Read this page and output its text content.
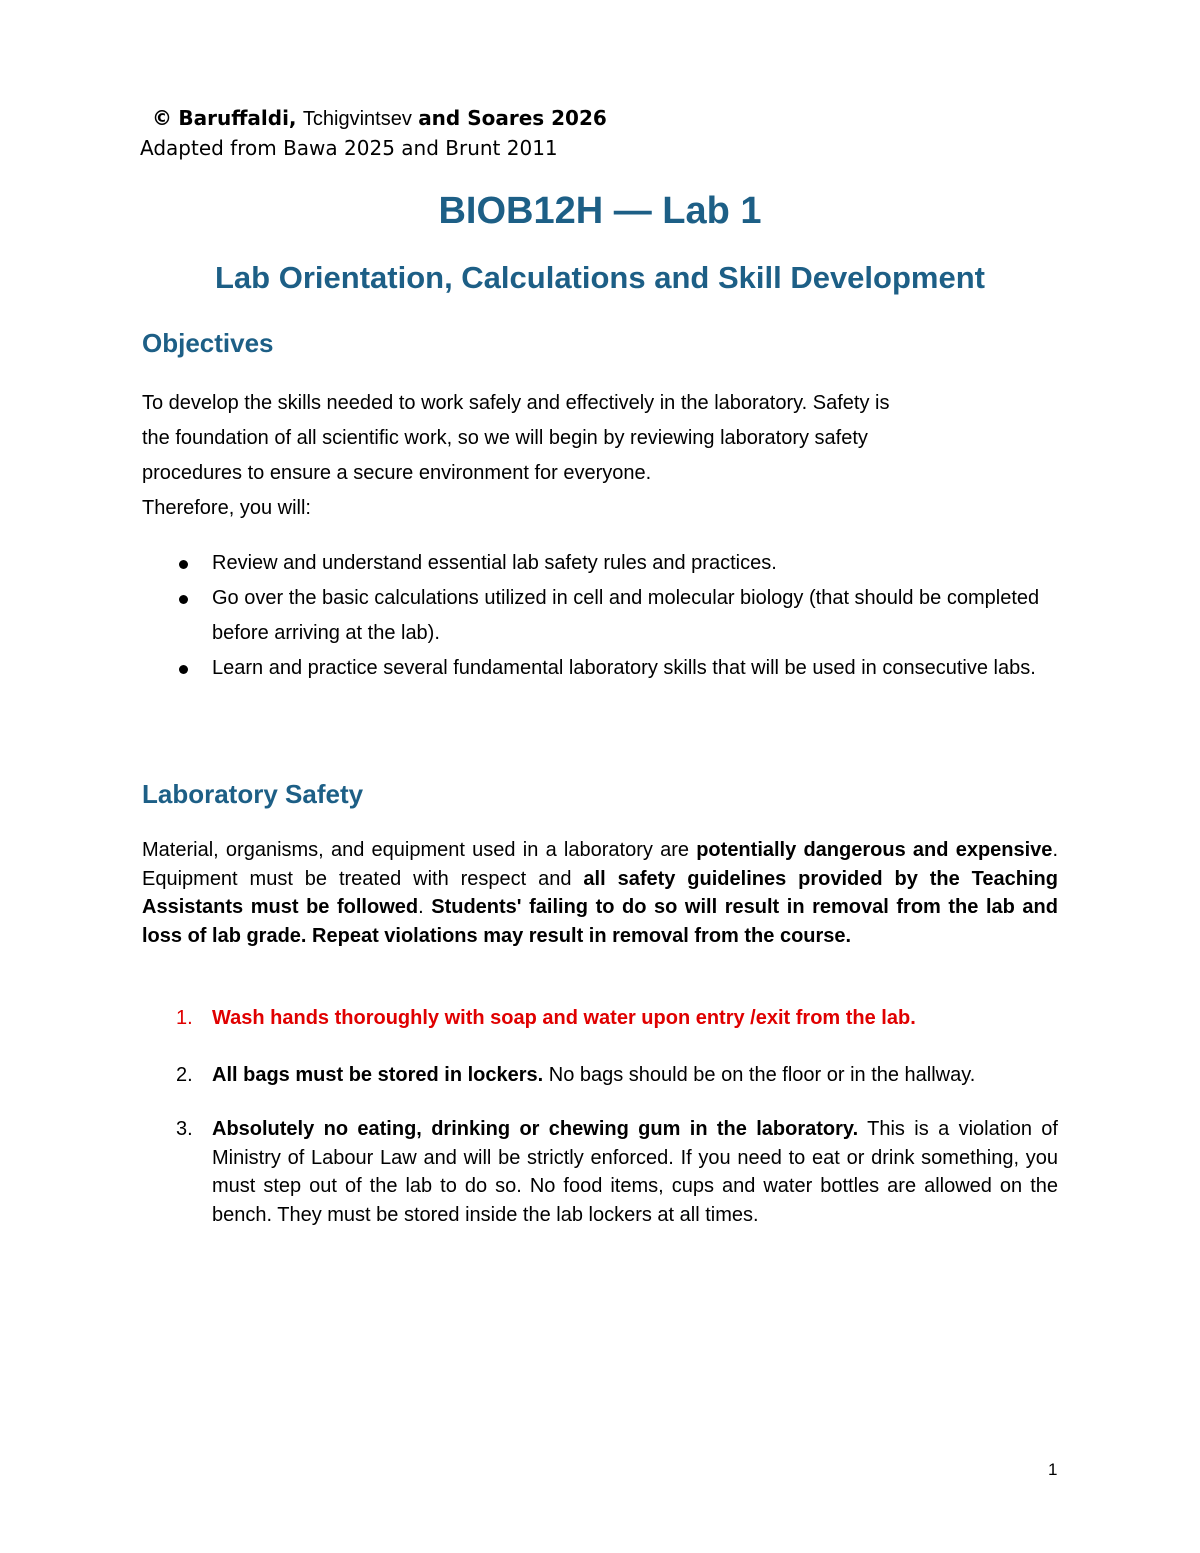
© Baruffaldi, Tchigvintsev and Soares 2026
Adapted from Bawa 2025 and Brunt 2011
BIOB12H — Lab 1
Lab Orientation, Calculations and Skill Development
Objectives
To develop the skills needed to work safely and effectively in the laboratory. Safety is
the foundation of all scientific work, so we will begin by reviewing laboratory safety
procedures to ensure a secure environment for everyone.
Therefore, you will:
Review and understand essential lab safety rules and practices.
Go over the basic calculations utilized in cell and molecular biology (that should be completed before arriving at the lab).
Learn and practice several fundamental laboratory skills that will be used in consecutive labs.
Laboratory Safety
Material, organisms, and equipment used in a laboratory are potentially dangerous and expensive. Equipment must be treated with respect and all safety guidelines provided by the Teaching Assistants must be followed. Students' failing to do so will result in removal from the lab and loss of lab grade. Repeat violations may result in removal from the course.
1. Wash hands thoroughly with soap and water upon entry /exit from the lab.
2. All bags must be stored in lockers. No bags should be on the floor or in the hallway.
3. Absolutely no eating, drinking or chewing gum in the laboratory. This is a violation of Ministry of Labour Law and will be strictly enforced. If you need to eat or drink something, you must step out of the lab to do so. No food items, cups and water bottles are allowed on the bench. They must be stored inside the lab lockers at all times.
1
